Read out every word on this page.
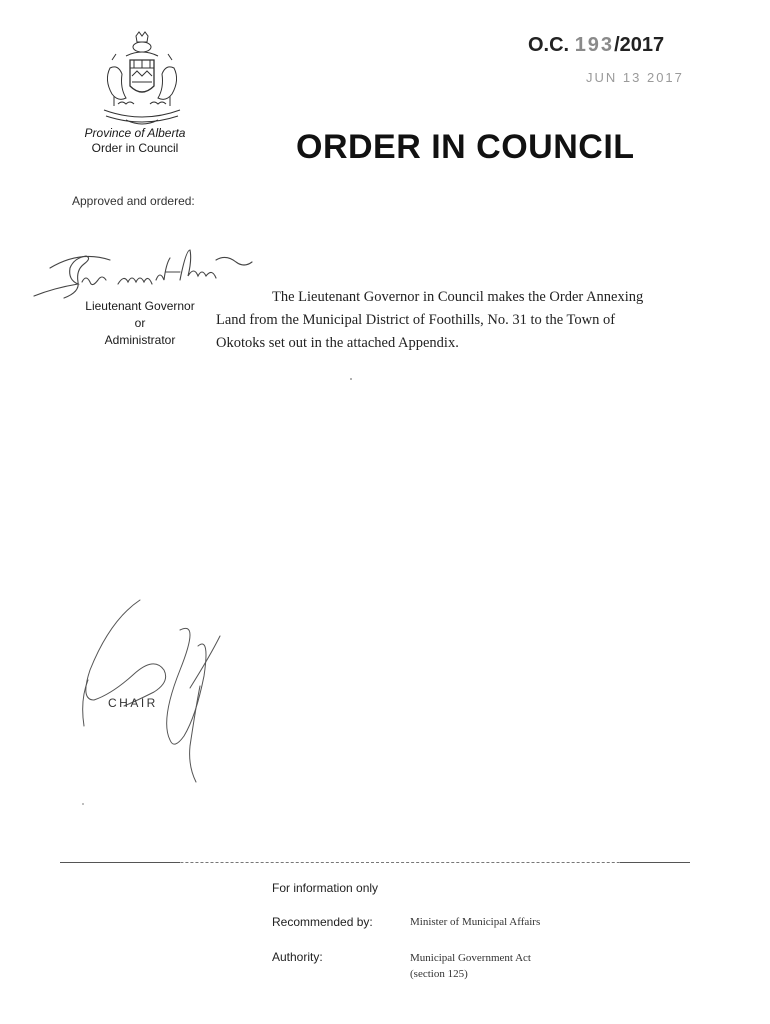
Province of Alberta
Order in Council	ORDER IN COUNCIL
O.C. 193/2017
JUN 13 2017
Approved and ordered:
Lieutenant Governor
or
Administrator
The Lieutenant Governor in Council makes the Order Annexing Land from the Municipal District of Foothills, No. 31 to the Town of Okotoks set out in the attached Appendix.
CHAIR
For information only
Recommended by:	Minister of Municipal Affairs
Authority:	Municipal Government Act
(section 125)
